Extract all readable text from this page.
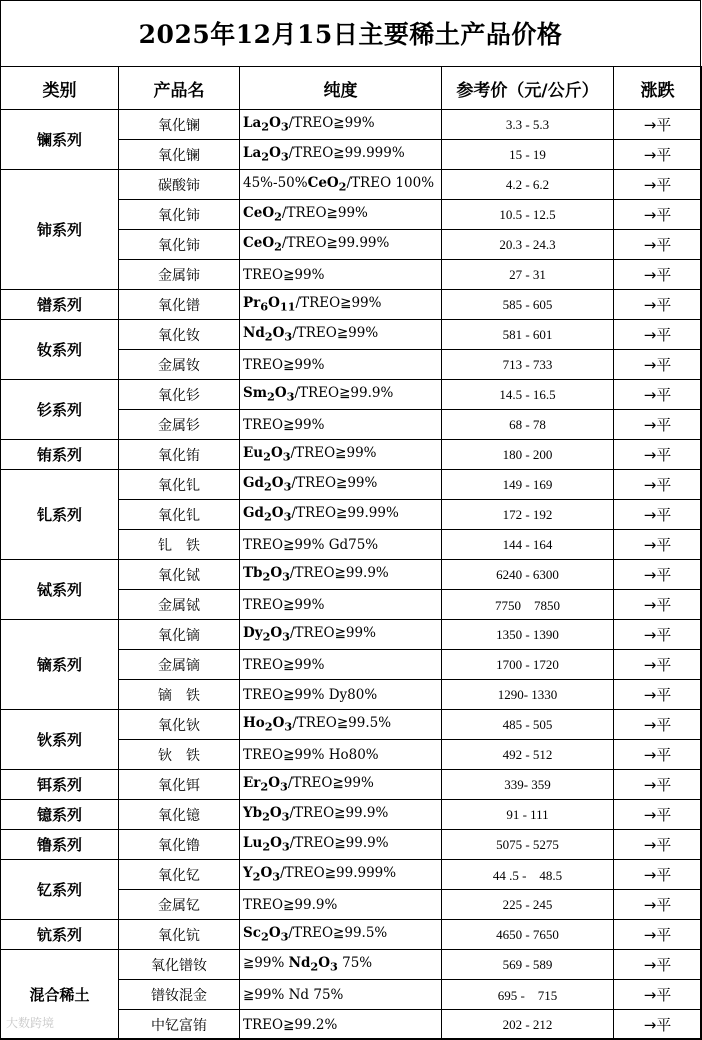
2025年12月15日主要稀土产品价格
类别	产品名	纯度	参考价（元/公斤）	涨跌
镧系列	氧化镧	$La_2O_3/TREO≧99\%$	3.3 - 5.3	→平
	氧化镧	$La_2O_3/TREO≧99.999\%$	15 - 19	→平
铈系列	碳酸铈	45%-50%CeO$_2$/TREO 100%	4.2 - 6.2	→平
	氧化铈	CeO$_2$/TREO≧99%	10.5 - 12.5	→平
	氧化铈	CeO$_2$/TREO≧99.99%	20.3 - 24.3	→平
	金属铈	TREO≧99%	27 - 31	→平
镨系列	氧化镨	$Pr_6O_{11}/TREO≧99\%$	585 - 605	→平
钕系列	氧化钕	$Nd_2O_3/TREO≧99\%$	581 - 601	→平
	金属钕	TREO≧99%	713 - 733	→平
钐系列	氧化钐	$Sm_2O_3/TREO≧99.9\%$	14.5 - 16.5	→平
	金属钐	TREO≧99%	68 - 78	→平
铕系列	氧化铕	$Eu_2O_3/TREO≧99\%$	180 - 200	→平
钆系列	氧化钆	$Gd_2O_3/TREO≧99\%$	149 - 169	→平
	氧化钆	$Gd_2O_3/TREO≧99.99\%$	172 - 192	→平
	钆　铁	TREO≧99% Gd75%	144 - 164	→平
铽系列	氧化铽	$Tb_2O_3/TREO≧99.9\%$	6240 - 6300	→平
	金属铽	TREO≧99%	7750　7850	→平
镝系列	氧化镝	$Dy_2O_3/TREO≧99\%$	1350 - 1390	→平
	金属镝	TREO≧99%	1700 - 1720	→平
	镝　铁	TREO≧99% Dy80%	1290- 1330	→平
钬系列	氧化钬	$Ho_2O_3/TREO≧99.5\%$	485 - 505	→平
	钬　铁	TREO≧99% Ho80%	492 - 512	→平
铒系列	氧化铒	$Er_2O_3/TREO≧99\%$	339- 359	→平
镱系列	氧化镱	$Yb_2O_3/TREO≧99.9\%$	91 - 111	→平
镥系列	氧化镥	$Lu_2O_3/TREO≧99.9\%$	5075 - 5275	→平
钇系列	氧化钇	$Y_2O_3/TREO≧99.999\%$	44 .5 -　48.5	→平
	金属钇	TREO≧99.9%	225 - 245	→平
钪系列	氧化钪	$Sc_2O_3/TREO≧99.5\%$	4650 - 7650	→平
混合稀土	氧化镨钕	≧99% $Nd_2O_3$ 75%	569 - 589	→平
	镨钕混金	≧99% Nd 75%	695 -　715	→平
	中钇富铕	TREO≧99.2%	202 - 212	→平
大数跨境
